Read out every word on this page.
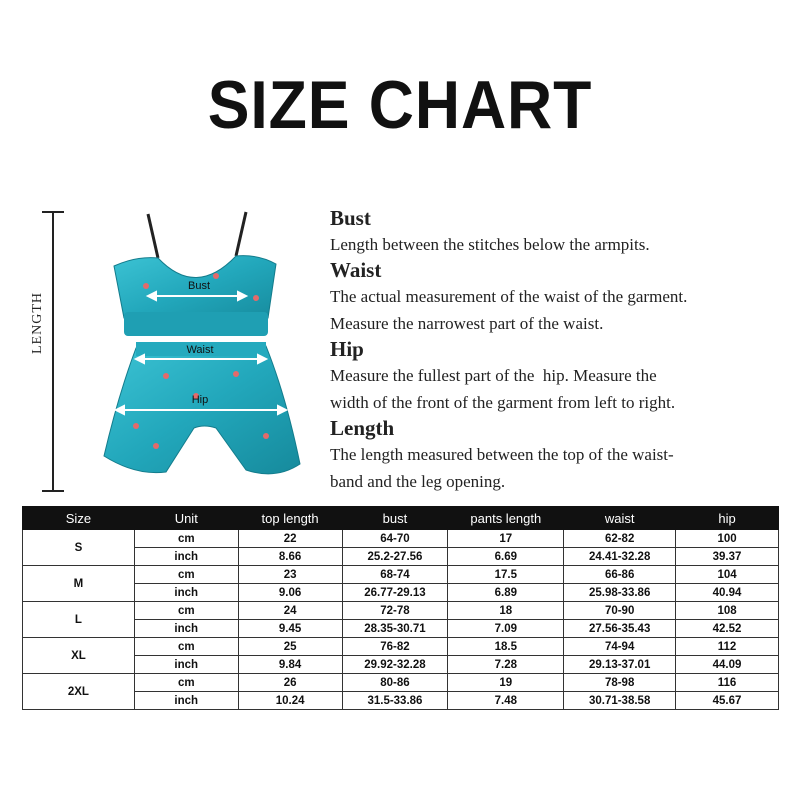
SIZE CHART
LENGTH
Bust
Waist
Hip
Bust
Length between the stitches below the armpits.
Waist
The actual measurement of the waist of the garment.
Measure the narrowest part of the waist.
Hip
Measure the fullest part of the  hip. Measure the
width of the front of the garment from left to right.
Length
The length measured between the top of the waist-
band and the leg opening.
Size	Unit	top length	bust	pants length	waist	hip
S	cm	22	64-70	17	62-82	100
	inch	8.66	25.2-27.56	6.69	24.41-32.28	39.37
M	cm	23	68-74	17.5	66-86	104
	inch	9.06	26.77-29.13	6.89	25.98-33.86	40.94
L	cm	24	72-78	18	70-90	108
	inch	9.45	28.35-30.71	7.09	27.56-35.43	42.52
XL	cm	25	76-82	18.5	74-94	112
	inch	9.84	29.92-32.28	7.28	29.13-37.01	44.09
2XL	cm	26	80-86	19	78-98	116
	inch	10.24	31.5-33.86	7.48	30.71-38.58	45.67
